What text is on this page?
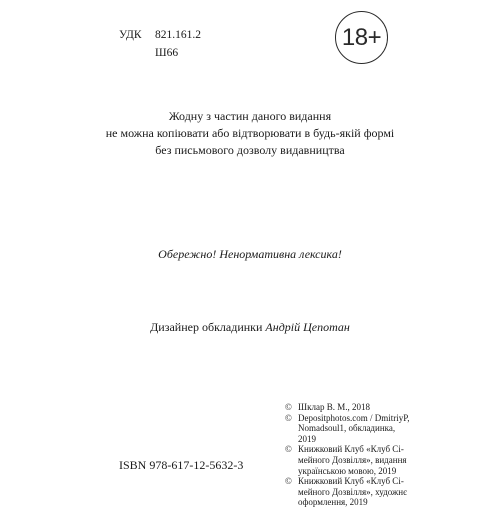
УДК 821.161.2
Ш66
18+
Жодну з частин даного видання
не можна копіювати або відтворювати в будь-якій формі
без письмового дозволу видавництва
Обережно! Ненормативна лексика!
Дизайнер обкладинки Андрій Цепотан
ISBN 978-617-12-5632-3
© Шклар В. М., 2018
© Depositphotos.com / DmitriyP,
Nomadsoul1, обкладинка, 2019
© Книжковий Клуб «Клуб Сі-
мейного Дозвілля», видання
українською мовою, 2019
© Книжковий Клуб «Клуб Сі-
мейного Дозвілля», художнє
оформлення, 2019
